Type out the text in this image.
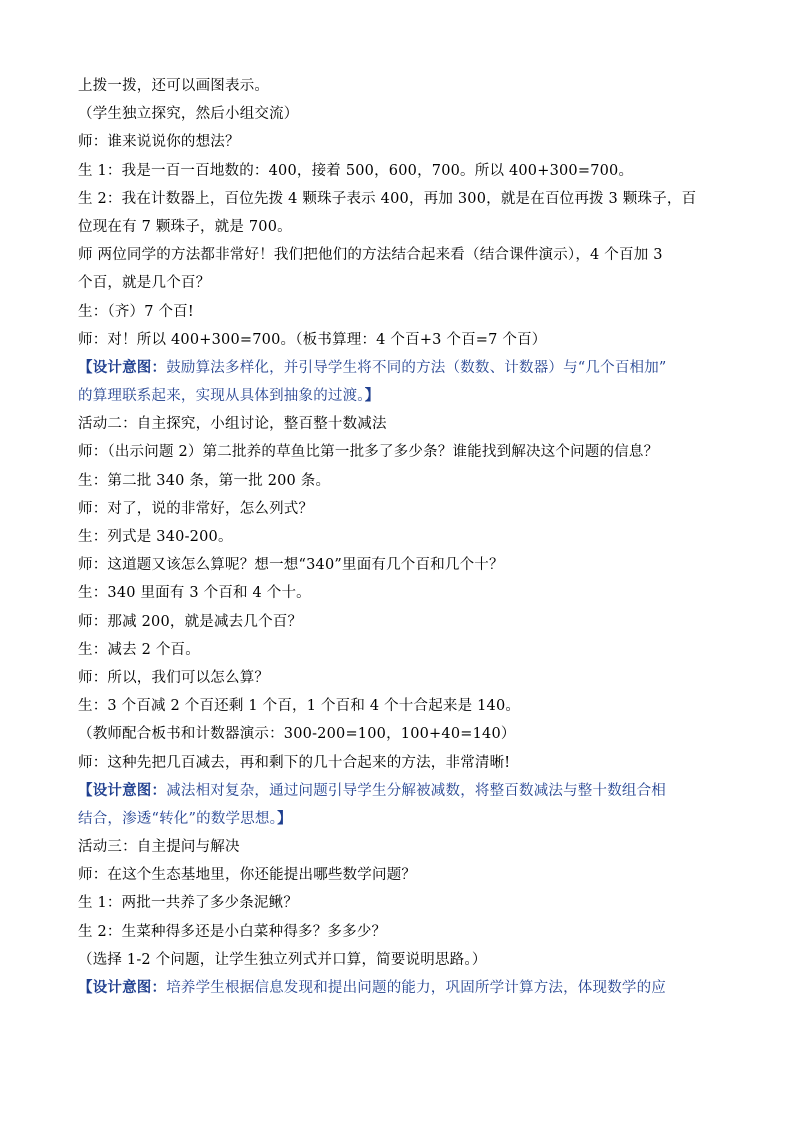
上拨一拨，还可以画图表示。
（学生独立探究，然后小组交流）
师：谁来说说你的想法？
生 1：我是一百一百地数的：400，接着 500，600，700。所以 400+300=700。
生 2：我在计数器上，百位先拨 4 颗珠子表示 400，再加 300，就是在百位再拨 3 颗珠子，百
位现在有 7 颗珠子，就是 700。
师 两位同学的方法都非常好！我们把他们的方法结合起来看（结合课件演示），4 个百加 3
个百，就是几个百？
生：（齐）7 个百!
师：对！所以 400+300=700。（板书算理：4 个百+3 个百=7 个百）
【设计意图：鼓励算法多样化，并引导学生将不同的方法（数数、计数器）与“几个百相加”
的算理联系起来，实现从具体到抽象的过渡。】
活动二：自主探究，小组讨论，整百整十数减法
师：（出示问题 2）第二批养的草鱼比第一批多了多少条？谁能找到解决这个问题的信息？
生：第二批 340 条，第一批 200 条。
师：对了，说的非常好，怎么列式？
生：列式是 340-200。
师：这道题又该怎么算呢？想一想“340”里面有几个百和几个十？
生：340 里面有 3 个百和 4 个十。
师：那减 200，就是减去几个百？
生：减去 2 个百。
师：所以，我们可以怎么算？
生：3 个百减 2 个百还剩 1 个百，1 个百和 4 个十合起来是 140。
（教师配合板书和计数器演示：300-200=100，100+40=140）
师：这种先把几百减去，再和剩下的几十合起来的方法，非常清晰!
【设计意图：减法相对复杂，通过问题引导学生分解被减数，将整百数减法与整十数组合相
结合，渗透“转化”的数学思想。】
活动三：自主提问与解决
师：在这个生态基地里，你还能提出哪些数学问题？
生 1：两批一共养了多少条泥鳅？
生 2：生菜种得多还是小白菜种得多？多多少？
（选择 1-2 个问题，让学生独立列式并口算，简要说明思路。）
【设计意图：培养学生根据信息发现和提出问题的能力，巩固所学计算方法，体现数学的应
